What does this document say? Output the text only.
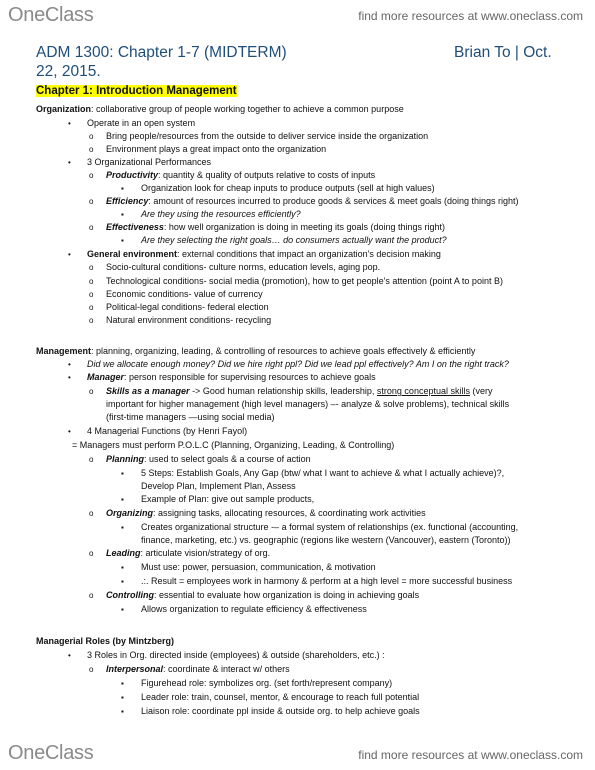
OneClass	find more resources at www.oneclass.com
ADM 1300: Chapter 1-7 (MIDTERM)	Brian To | Oct.
22, 2015.
Chapter 1: Introduction Management
Organization: collaborative group of people working together to achieve a common purpose
• Operate in an open system
o Bring people/resources from the outside to deliver service inside the organization
o Environment plays a great impact onto the organization
• 3 Organizational Performances
o Productivity: quantity & quality of outputs relative to costs of inputs
▪ Organization look for cheap inputs to produce outputs (sell at high values)
o Efficiency: amount of resources incurred to produce goods & services & meet goals (doing things right)
▪ Are they using the resources efficiently?
o Effectiveness: how well organization is doing in meeting its goals (doing things right)
▪ Are they selecting the right goals… do consumers actually want the product?
• General environment: external conditions that impact an organization's decision making
o Socio-cultural conditions- culture norms, education levels, aging pop.
o Technological conditions- social media (promotion), how to get people's attention (point A to point B)
o Economic conditions- value of currency
o Political-legal conditions- federal election
o Natural environment conditions- recycling
Management: planning, organizing, leading, & controlling of resources to achieve goals effectively & efficiently
• Did we allocate enough money? Did we hire right ppl? Did we lead ppl effectively? Am I on the right track?
• Manager: person responsible for supervising resources to achieve goals
o Skills as a manager -> Good human relationship skills, leadership, strong conceptual skills (very
important for higher management (high level managers) –- analyze & solve problems), technical skills
(first-time managers —using social media)
• 4 Managerial Functions (by Henri Fayol)
= Managers must perform P.O.L.C (Planning, Organizing, Leading, & Controlling)
o Planning: used to select goals & a course of action
▪ 5 Steps: Establish Goals, Any Gap (btw/ what I want to achieve & what I actually achieve)?,
Develop Plan, Implement Plan, Assess
▪ Example of Plan: give out sample products,
o Organizing: assigning tasks, allocating resources, & coordinating work activities
▪ Creates organizational structure -– a formal system of relationships (ex. functional (accounting,
finance, marketing, etc.) vs. geographic (regions like western (Vancouver), eastern (Toronto))
o Leading: articulate vision/strategy of org.
▪ Must use: power, persuasion, communication, & motivation
▪ .:. Result = employees work in harmony & perform at a high level = more successful business
o Controlling: essential to evaluate how organization is doing in achieving goals
▪ Allows organization to regulate efficiency & effectiveness
Managerial Roles (by Mintzberg)
• 3 Roles in Org. directed inside (employees) & outside (shareholders, etc.) :
o Interpersonal: coordinate & interact w/ others
▪ Figurehead role: symbolizes org. (set forth/represent company)
▪ Leader role: train, counsel, mentor, & encourage to reach full potential
▪ Liaison role: coordinate ppl inside & outside org. to help achieve goals
OneClass	find more resources at www.oneclass.com
